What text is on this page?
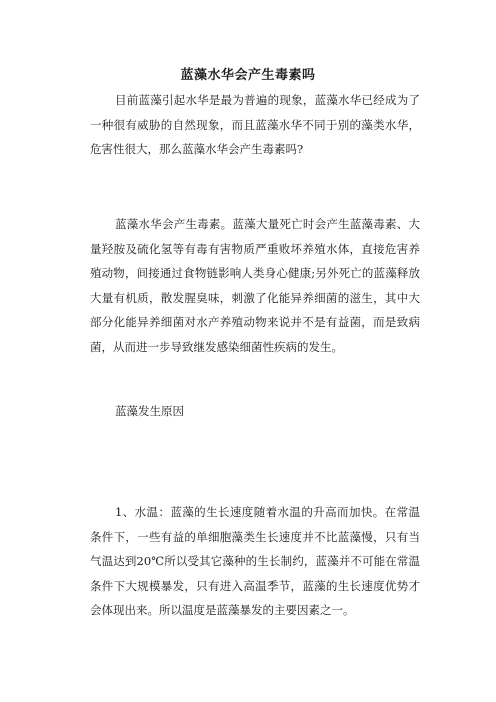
蓝藻水华会产生毒素吗

目前蓝藻引起水华是最为普遍的现象，蓝藻水华已经成为了一种很有威胁的自然现象，而且蓝藻水华不同于别的藻类水华，危害性很大，那么蓝藻水华会产生毒素吗?

蓝藻水华会产生毒素。蓝藻大量死亡时会产生蓝藻毒素、大量羟胺及硫化氢等有毒有害物质严重败坏养殖水体，直接危害养殖动物，间接通过食物链影响人类身心健康;另外死亡的蓝藻释放大量有机质，散发腥臭味，刺激了化能异养细菌的滋生，其中大部分化能异养细菌对水产养殖动物来说并不是有益菌，而是致病菌，从而进一步导致继发感染细菌性疾病的发生。

蓝藻发生原因

1、水温：蓝藻的生长速度随着水温的升高而加快。在常温条件下，一些有益的单细胞藻类生长速度并不比蓝藻慢，只有当气温达到20℃所以受其它藻种的生长制约，蓝藻并不可能在常温条件下大规模暴发，只有进入高温季节，蓝藻的生长速度优势才会体现出来。所以温度是蓝藻暴发的主要因素之一。
